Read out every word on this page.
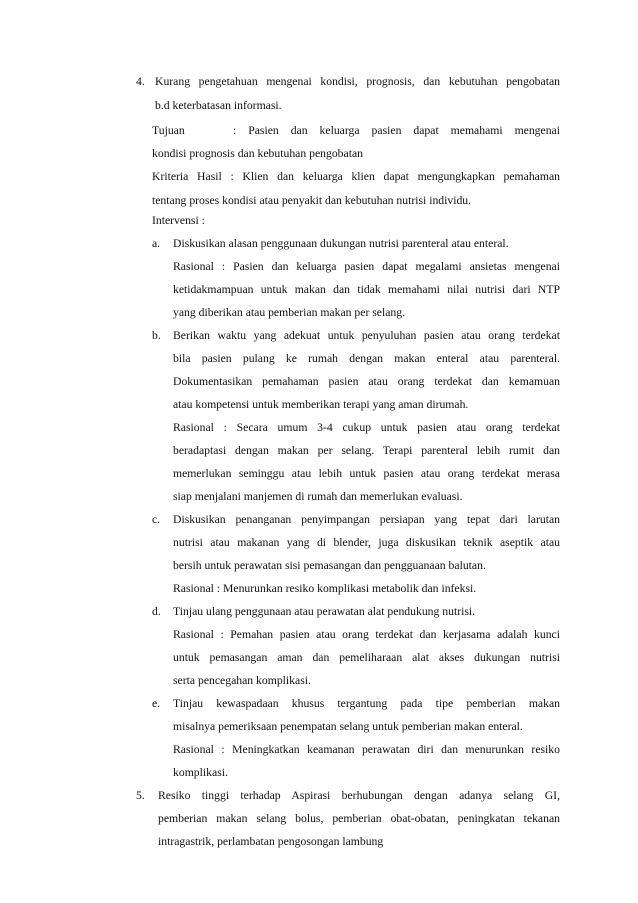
4. Kurang pengetahuan mengenai kondisi, prognosis, dan kebutuhan pengobatan
b.d keterbatasan informasi.
Tujuan	: Pasien dan keluarga pasien dapat memahami mengenai
kondisi prognosis dan kebutuhan pengobatan
Kriteria Hasil : Klien dan keluarga klien dapat mengungkapkan pemahaman
tentang proses kondisi atau penyakit dan kebutuhan nutrisi individu.
Intervensi :
a. Diskusikan alasan penggunaan dukungan nutrisi parenteral atau enteral.
Rasional : Pasien dan keluarga pasien dapat megalami ansietas mengenai
ketidakmampuan untuk makan dan tidak memahami nilai nutrisi dari NTP
yang diberikan atau pemberian makan per selang.
b. Berikan waktu yang adekuat untuk penyuluhan pasien atau orang terdekat
bila pasien pulang ke rumah dengan makan enteral atau parenteral.
Dokumentasikan pemahaman pasien atau orang terdekat dan kemamuan
atau kompetensi untuk memberikan terapi yang aman dirumah.
Rasional : Secara umum 3-4 cukup untuk pasien atau orang terdekat
beradaptasi dengan makan per selang. Terapi parenteral lebih rumit dan
memerlukan seminggu atau lebih untuk pasien atau orang terdekat merasa
siap menjalani manjemen di rumah dan memerlukan evaluasi.
c. Diskusikan penanganan penyimpangan persiapan yang tepat dari larutan
nutrisi atau makanan yang di blender, juga diskusikan teknik aseptik atau
bersih untuk perawatan sisi pemasangan dan pengguanaan balutan.
Rasional : Menurunkan resiko komplikasi metabolik dan infeksi.
d. Tinjau ulang penggunaan atau perawatan alat pendukung nutrisi.
Rasional : Pemahan pasien atau orang terdekat dan kerjasama adalah kunci
untuk pemasangan aman dan pemeliharaan alat akses dukungan nutrisi
serta pencegahan komplikasi.
e. Tinjau kewaspadaan khusus tergantung pada tipe pemberian makan
misalnya pemeriksaan penempatan selang untuk pemberian makan enteral.
Rasional : Meningkatkan keamanan perawatan diri dan menurunkan resiko
komplikasi.
5. Resiko tinggi terhadap Aspirasi berhubungan dengan adanya selang GI,
pemberian makan selang bolus, pemberian obat-obatan, peningkatan tekanan
intragastrik, perlambatan pengosongan lambung
